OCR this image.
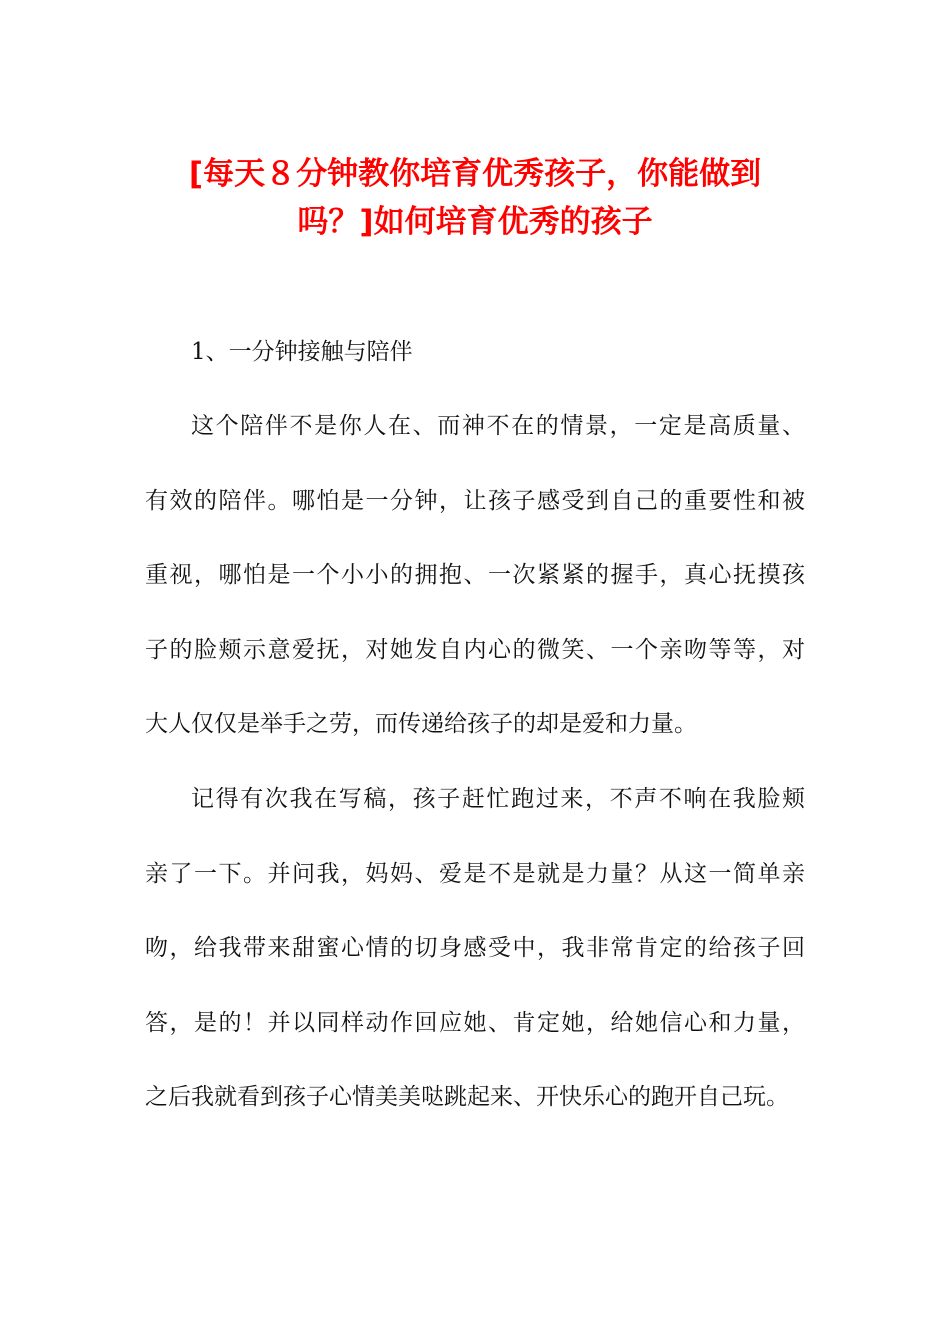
[每天８分钟教你培育优秀孩子，你能做到
吗？]如何培育优秀的孩子
1、一分钟接触与陪伴
这个陪伴不是你人在、而神不在的情景，一定是高质量、
有效的陪伴。哪怕是一分钟，让孩子感受到自己的重要性和被
重视，哪怕是一个小小的拥抱、一次紧紧的握手，真心抚摸孩
子的脸颊示意爱抚，对她发自内心的微笑、一个亲吻等等，对
大人仅仅是举手之劳，而传递给孩子的却是爱和力量。
记得有次我在写稿，孩子赶忙跑过来，不声不响在我脸颊
亲了一下。并问我，妈妈、爱是不是就是力量？从这一简单亲
吻，给我带来甜蜜心情的切身感受中，我非常肯定的给孩子回
答，是的！并以同样动作回应她、肯定她，给她信心和力量，
之后我就看到孩子心情美美哒跳起来、开快乐心的跑开自己玩。
